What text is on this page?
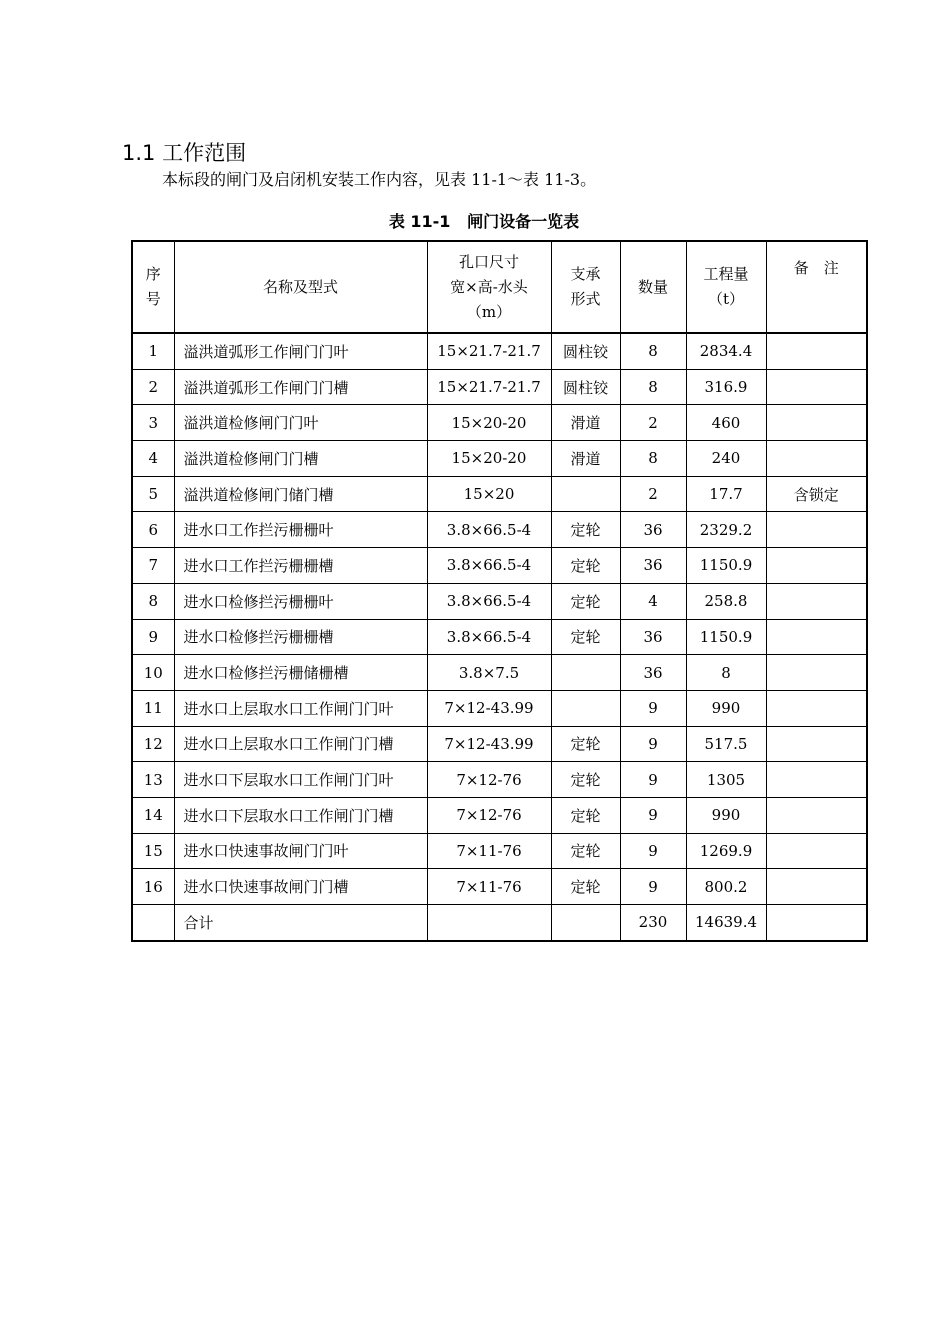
1.1 工作范围
本标段的闸门及启闭机安装工作内容，见表 11-1～表 11-3。
表 11-1   闸门设备一览表
序
号	名称及型式	孔口尺寸
宽×高-水头
（m）	支承
形式	数量	工程量
（t）	备　注
1	溢洪道弧形工作闸门门叶	15×21.7-21.7	圆柱铰	8	2834.4	
2	溢洪道弧形工作闸门门槽	15×21.7-21.7	圆柱铰	8	316.9	
3	溢洪道检修闸门门叶	15×20-20	滑道	2	460	
4	溢洪道检修闸门门槽	15×20-20	滑道	8	240	
5	溢洪道检修闸门储门槽	15×20		2	17.7	含锁定
6	进水口工作拦污栅栅叶	3.8×66.5-4	定轮	36	2329.2	
7	进水口工作拦污栅栅槽	3.8×66.5-4	定轮	36	1150.9	
8	进水口检修拦污栅栅叶	3.8×66.5-4	定轮	4	258.8	
9	进水口检修拦污栅栅槽	3.8×66.5-4	定轮	36	1150.9	
10	进水口检修拦污栅储栅槽	3.8×7.5		36	8	
11	进水口上层取水口工作闸门门叶	7×12-43.99		9	990	
12	进水口上层取水口工作闸门门槽	7×12-43.99	定轮	9	517.5	
13	进水口下层取水口工作闸门门叶	7×12-76	定轮	9	1305	
14	进水口下层取水口工作闸门门槽	7×12-76	定轮	9	990	
15	进水口快速事故闸门门叶	7×11-76	定轮	9	1269.9	
16	进水口快速事故闸门门槽	7×11-76	定轮	9	800.2	
	合计			230	14639.4	
